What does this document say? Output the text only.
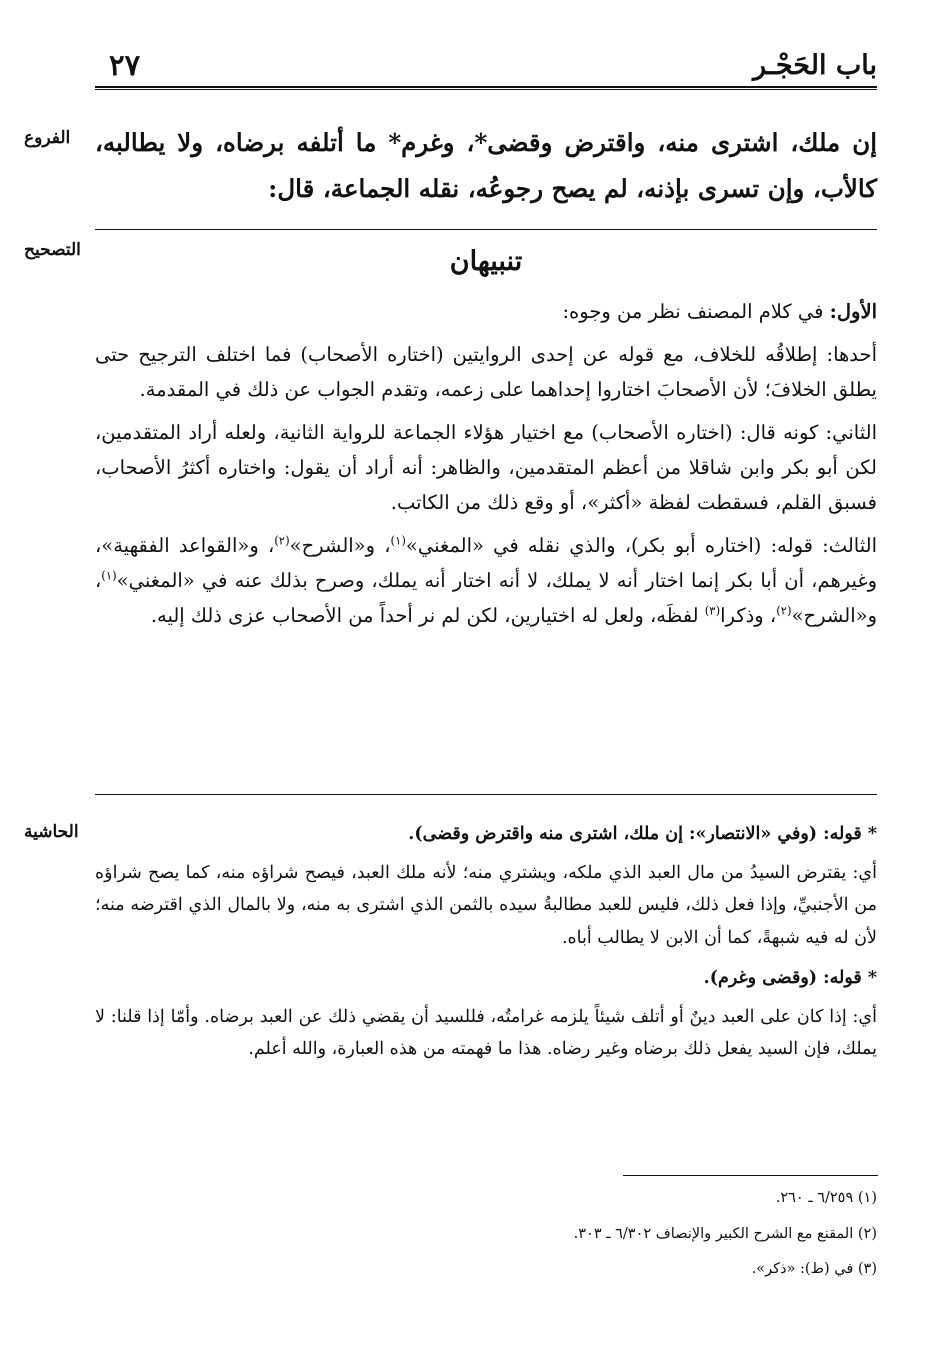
باب الحَجْـر
٢٧
الفروع	إن ملك، اشترى منه، واقترض وقضى*، وغرم* ما أتلفه برضاه، ولا يطالبه، كالأب، وإن تسرى بإذنه، لم يصح رجوعُه، نقله الجماعة، قال:

التصحيح	تنبيهان

الأول: في كلام المصنف نظر من وجوه:

أحدها: إطلاقُه للخلاف، مع قوله عن إحدى الروايتين (اختاره الأصحاب) فما اختلف الترجيح حتى يطلق الخلافَ؛ لأن الأصحابَ اختاروا إحداهما على زعمه، وتقدم الجواب عن ذلك في المقدمة.

الثاني: كونه قال: (اختاره الأصحاب) مع اختيار هؤلاء الجماعة للرواية الثانية، ولعله أراد المتقدمين، لكن أبو بكر وابن شاقلا من أعظم المتقدمين، والظاهر: أنه أراد أن يقول: واختاره أكثرُ الأصحاب، فسبق القلم، فسقطت لفظة «أكثر»، أو وقع ذلك من الكاتب.

الثالث: قوله: (اختاره أبو بكر)، والذي نقله في «المغني»$^{(١)}$، و«الشرح»$^{(٢)}$، و«القواعد الفقهية»، وغيرهم، أن أبا بكر إنما اختار أنه لا يملك، لا أنه اختار أنه يملك، وصرح بذلك عنه في «المغني»$^{(١)}$، و«الشرح»$^{(٢)}$، وذكرا$^{(٣)}$ لفظَه، ولعل له اختيارين، لكن لم نر أحداً من الأصحاب عزى ذلك إليه.

الحاشية	* قوله: (وفي «الانتصار»: إن ملك، اشترى منه واقترض وقضى).

أي: يقترض السيدُ من مال العبد الذي ملكه، ويشتري منه؛ لأنه ملك العبد، فيصح شراؤه منه، كما يصح شراؤه من الأجنبيِّ، وإذا فعل ذلك، فليس للعبد مطالبةُ سيده بالثمن الذي اشترى به منه، ولا بالمال الذي اقترضه منه؛ لأن له فيه شبهةً، كما أن الابن لا يطالب أباه.

* قوله: (وقضى وغرم).

أي: إذا كان على العبد دينٌ أو أتلف شيئاً يلزمه غرامتُه، فللسيد أن يقضي ذلك عن العبد برضاه. وأمّا إذا قلنا: لا يملك، فإن السيد يفعل ذلك برضاه وغير رضاه. هذا ما فهمته من هذه العبارة، والله أعلم.

(١) ٦/٢٥٩ ـ ٢٦٠.
(٢) المقنع مع الشرح الكبير والإنصاف ٦/٣٠٢ ـ ٣٠٣.
(٣) في (ط): «ذكر».
